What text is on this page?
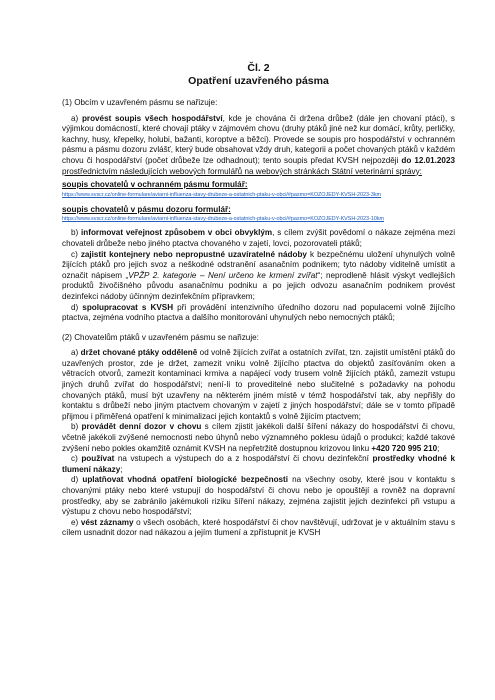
Čl. 2
Opatření uzavřeného pásma

(1) Obcím v uzavřeném pásmu se nařizuje:

a) provést soupis všech hospodářství, kde je chována či držena drůbež (dále jen chovaní ptáci), s výjimkou domácností, které chovají ptáky v zájmovém chovu (druhy ptáků jiné než kur domácí, krůty, perličky, kachny, husy, křepelky, holubi, bažanti, koroptve a běžci). Provede se soupis pro hospodářství v ochranném pásmu a pásmu dozoru zvlášť, který bude obsahovat vždy druh, kategorii a počet chovaných ptáků v každém chovu či hospodářství (počet drůbeže lze odhadnout); tento soupis předat KVSH nejpozději do 12.01.2023 prostřednictvím následujících webových formulářů na webových stránkách Státní veterinární správy:

soupis chovatelů v ochranném pásmu formulář:
https://www.svscr.cz/online-formulare/aviarni-influenza-stavy-drubeze-a-ostatnich-ptaku-v-obci/#pasmo=KOZOJEDY-KVSH-2023-3km
soupis chovatelů v pásmu dozoru formulář:
https://www.svscr.cz/online-formulare/aviarni-influenza-stavy-drubeze-a-ostatnich-ptaku-v-obci/#pasmo=KOZOJEDY-KVSH-2023-10km

b) informovat veřejnost způsobem v obci obvyklým, s cílem zvýšit povědomí o nákaze zejména mezi chovateli drůbeže nebo jiného ptactva chovaného v zajetí, lovci, pozorovateli ptáků;

c) zajistit kontejnery nebo nepropustné uzavíratelné nádoby k bezpečnému uložení uhynulých volně žijících ptáků pro jejich svoz a neškodné odstranění asanačním podnikem; tyto nádoby viditelně umístit a označit nápisem „VPŽP 2. kategorie – Není určeno ke krmení zvířat“; neprodleně hlásit výskyt vedlejších produktů živočišného původu asanačnímu podniku a po jejich odvozu asanačním podnikem provést dezinfekci nádoby účinným dezinfekčním přípravkem;

d) spolupracovat s KVSH při provádění intenzivního úředního dozoru nad populacemi volně žijícího ptactva, zejména vodního ptactva a dalšího monitorování uhynulých nebo nemocných ptáků;

(2) Chovatelům ptáků v uzavřeném pásmu se nařizuje:

a) držet chované ptáky odděleně od volně žijících zvířat a ostatních zvířat, tzn. zajistit umístění ptáků do uzavřených prostor, zde je držet, zamezit vniku volně žijícího ptactva do objektů zasíťováním oken a větracích otvorů, zamezit kontaminaci krmiva a napájecí vody trusem volně žijících ptáků, zamezit vstupu jiných druhů zvířat do hospodářství; není-li to proveditelné nebo slučitelné s požadavky na pohodu chovaných ptáků, musí být uzavřeny na některém jiném místě v témž hospodářství tak, aby nepřišly do kontaktu s drůbeží nebo jiným ptactvem chovaným v zajetí z jiných hospodářství; dále se v tomto případě přijmou i přiměřená opatření k minimalizaci jejich kontaktů s volně žijícím ptactvem;

b) provádět denní dozor v chovu s cílem zjistit jakékoli další šíření nákazy do hospodářství či chovu, včetně jakékoli zvýšené nemocnosti nebo úhynů nebo významného poklesu údajů o produkci; každé takové zvýšení nebo pokles okamžitě oznámit KVSH na nepřetržitě dostupnou krizovou linku +420 720 995 210;

c) používat na vstupech a výstupech do a z hospodářství či chovu dezinfekční prostředky vhodné k tlumení nákazy;

d) uplatňovat vhodná opatření biologické bezpečnosti na všechny osoby, které jsou v kontaktu s chovanými ptáky nebo které vstupují do hospodářství či chovu nebo je opouštějí a rovněž na dopravní prostředky, aby se zabránilo jakémukoli riziku šíření nákazy, zejména zajistit jejich dezinfekci při vstupu a výstupu z chovu nebo hospodářství;

e) vést záznamy o všech osobách, které hospodářství či chov navštěvují, udržovat je v aktuálním stavu s cílem usnadnit dozor nad nákazou a jejím tlumení a zpřístupnit je KVSH
